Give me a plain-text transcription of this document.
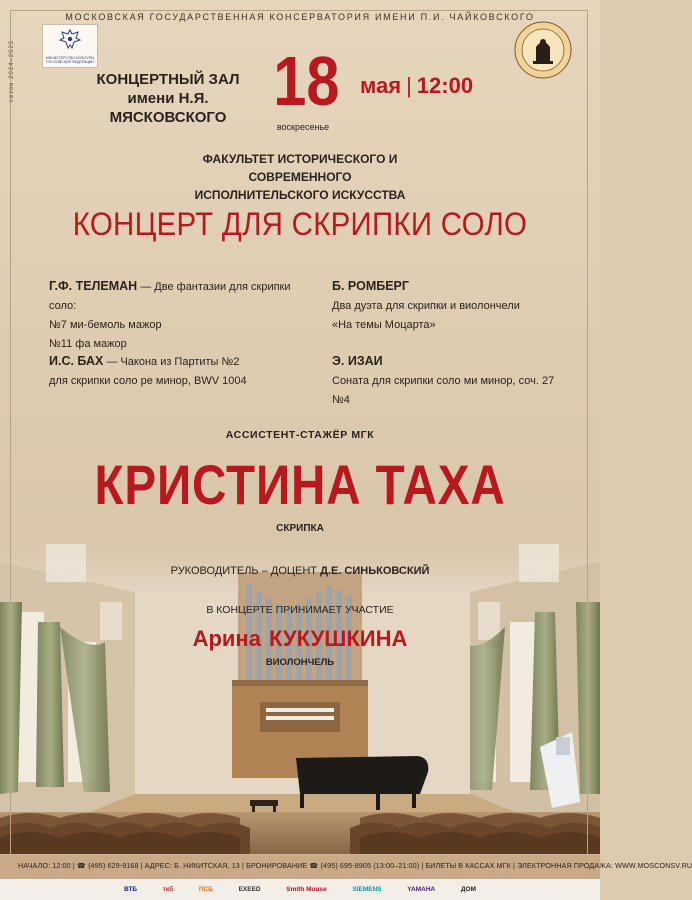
МОСКОВСКАЯ ГОСУДАРСТВЕННАЯ КОНСЕРВАТОРИЯ ИМЕНИ П.И. ЧАЙКОВСКОГО
сезон 2024–2025	МИНИСТЕРСТВО КУЛЬТУРЫ РОССИЙСКОЙ ФЕДЕРАЦИИ
КОНЦЕРТНЫЙ ЗАЛ
имени Н.Я. МЯСКОВСКОГО 18
воскресенье
мая | 12:00
ФАКУЛЬТЕТ ИСТОРИЧЕСКОГО И СОВРЕМЕННОГО
ИСПОЛНИТЕЛЬСКОГО ИСКУССТВА
КОНЦЕРТ ДЛЯ СКРИПКИ СОЛО
Г.Ф. ТЕЛЕМАН — Две фантазии для скрипки соло:
№7 ми-бемоль мажор
№11 фа мажор
Б. РОМБЕРГ
Два дуэта для скрипки и виолончели
«На темы Моцарта»
И.С. БАХ — Чакона из Партиты №2
для скрипки соло ре минор, BWV 1004
Э. ИЗАИ
Соната для скрипки соло ми минор, соч. 27 №4
АССИСТЕНТ-СТАЖЁР МГК
КРИСТИНА ТАХА
СКРИПКА
РУКОВОДИТЕЛЬ – ДОЦЕНТ Д.Е. СИНЬКОВСКИЙ
В КОНЦЕРТЕ ПРИНИМАЕТ УЧАСТИЕ
Арина КУКУШКИНА
ВИОЛОНЧЕЛЬ
НАЧАЛО: 12:00 | ☎ (495) 629-9168 | АДРЕС: Б. НИКИТСКАЯ, 13 | БРОНИРОВАНИЕ ☎ (495) 695-8905 (13:00–21:00) | БИЛЕТЫ В КАССАХ МГК | ЭЛЕКТРОННАЯ ПРОДАЖА: WWW.MOSCONSV.RU
ВТБ	ткб	ПСБ	EXEED	Smith Mouse	SIEMENS	YAMAHA	ДОМ
